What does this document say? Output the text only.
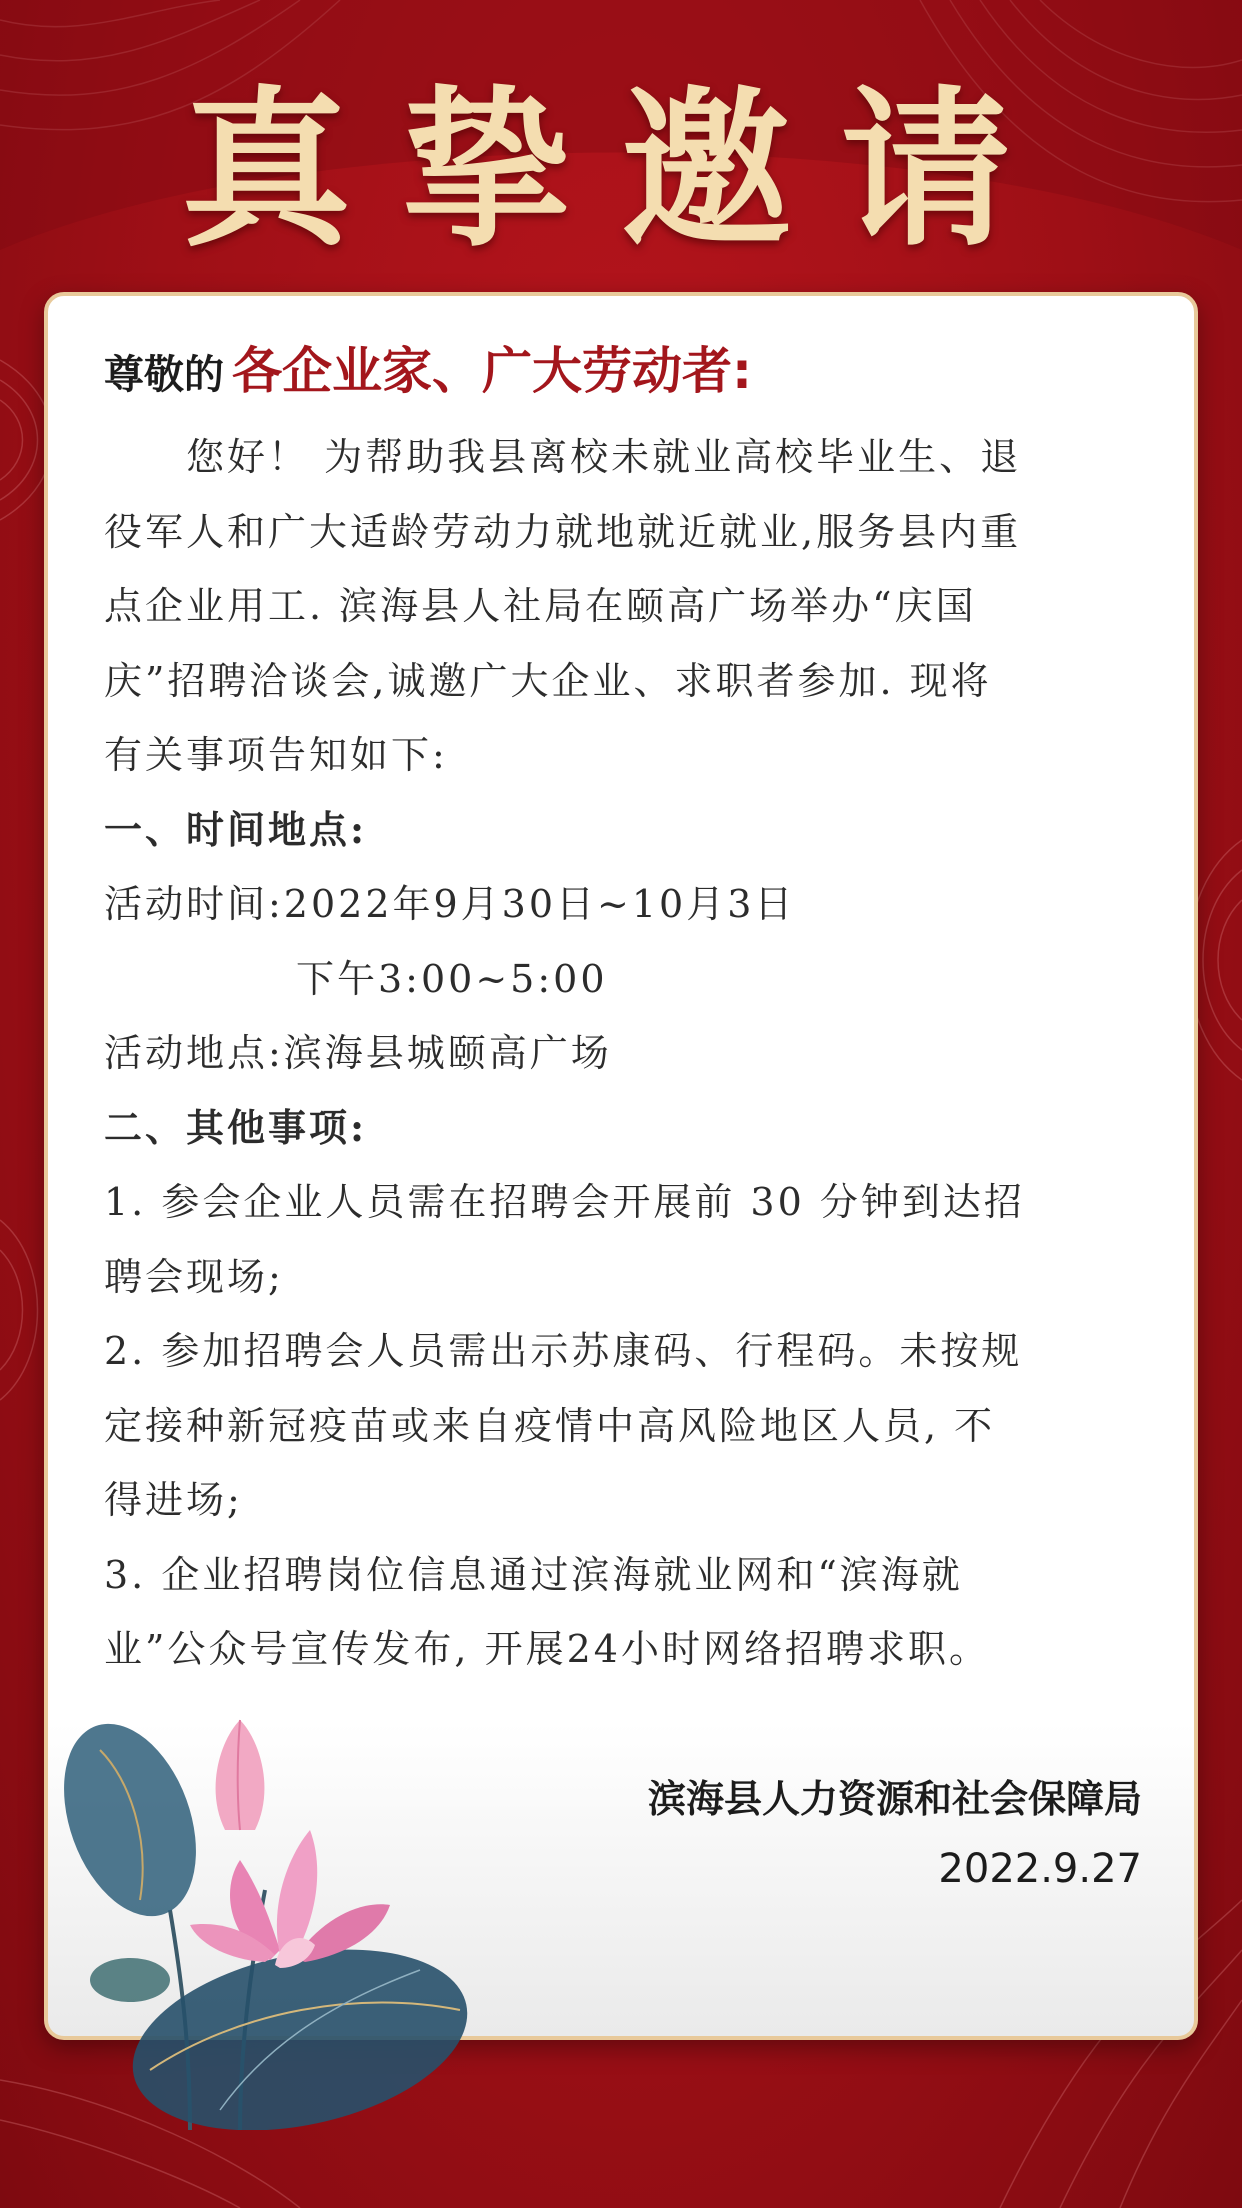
真挚邀请
尊敬的 各企业家、广大劳动者:
　　您好！ 为帮助我县离校未就业高校毕业生、退
役军人和广大适龄劳动力就地就近就业,服务县内重
点企业用工. 滨海县人社局在颐高广场举办“庆国
庆”招聘洽谈会,诚邀广大企业、求职者参加. 现将
有关事项告知如下:
一、时间地点:
活动时间:2022年9月30日~10月3日
下午3:00~5:00
活动地点:滨海县城颐高广场
二、其他事项:
1. 参会企业人员需在招聘会开展前 30 分钟到达招
聘会现场;
2. 参加招聘会人员需出示苏康码、行程码。未按规
定接种新冠疫苗或来自疫情中高风险地区人员, 不
得进场;
3. 企业招聘岗位信息通过滨海就业网和“滨海就
业”公众号宣传发布, 开展24小时网络招聘求职。
滨海县人力资源和社会保障局
2022.9.27
